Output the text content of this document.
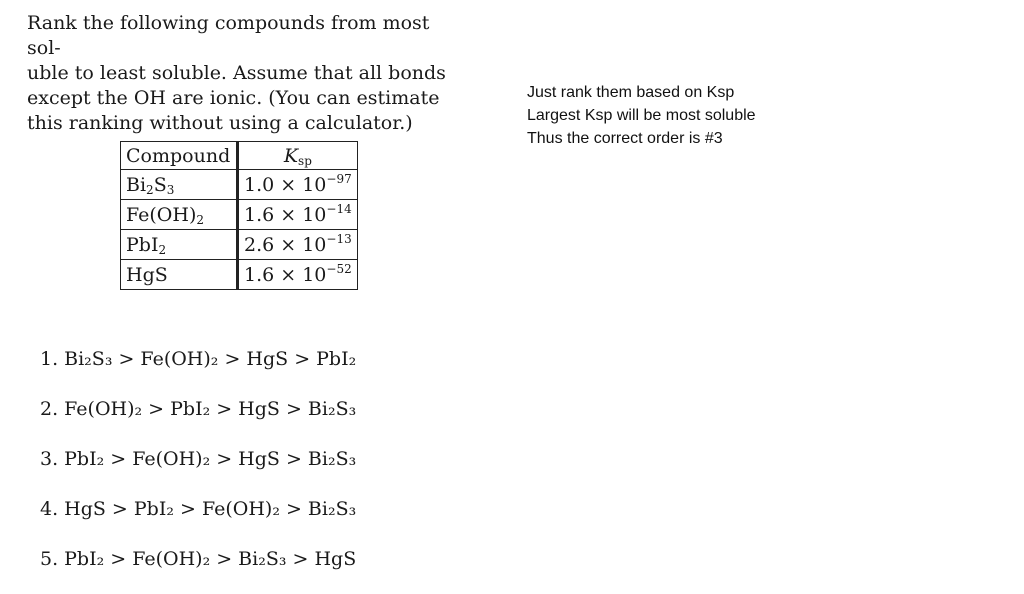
Rank the following compounds from most sol-

uble to least soluble. Assume that all bonds

except the OH are ionic. (You can estimate

this ranking without using a calculator.)

Just rank them based on Ksp
Largest Ksp will be most soluble
Thus the correct order is #3
Compound	$K_{sp}$
$Bi_2S_3$	$1.0 \times 10^{-97}$
$Fe(OH)_2$	$1.6 \times 10^{-14}$
PbI$_2$	$2.6 \times 10^{-13}$
HgS	$1.6 \times 10^{-52}$
1. Bi₂S₃ > Fe(OH)₂ > HgS > PbI₂
2. Fe(OH)₂ > PbI₂ > HgS > Bi₂S₃
3. PbI₂ > Fe(OH)₂ > HgS > Bi₂S₃
4. HgS > PbI₂ > Fe(OH)₂ > Bi₂S₃
5. PbI₂ > Fe(OH)₂ > Bi₂S₃ > HgS
